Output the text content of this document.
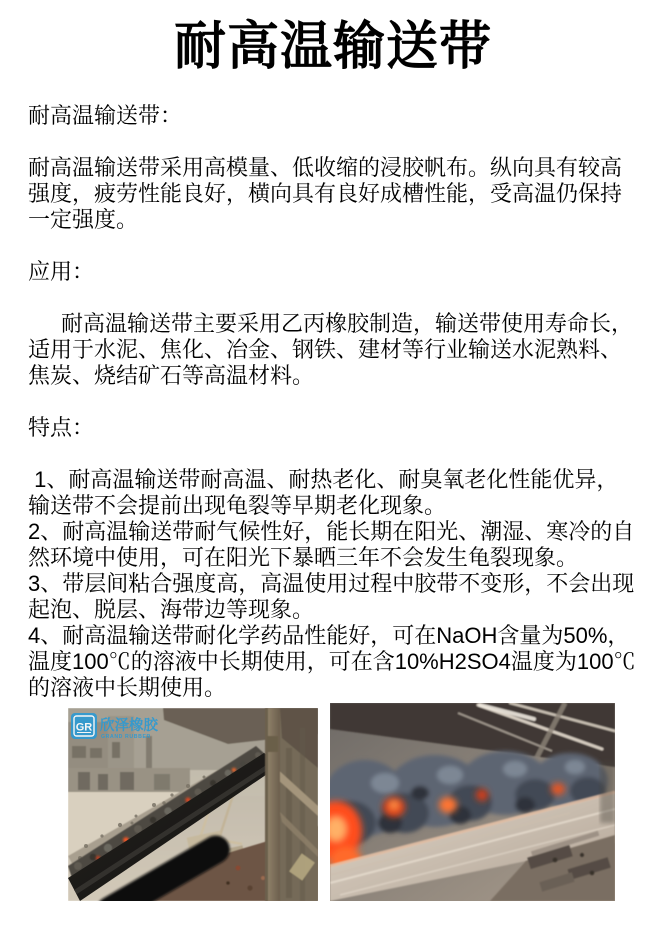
耐高温输送带

耐高温输送带：

耐高温输送带采用高模量、低收缩的浸胶帆布。纵向具有较高强度，疲劳性能良好，横向具有良好成槽性能，受高温仍保持一定强度。

应用：

耐高温输送带主要采用乙丙橡胶制造，输送带使用寿命长，适用于水泥、焦化、冶金、钢铁、建材等行业输送水泥熟料、焦炭、烧结矿石等高温材料。

特点：

1、耐高温输送带耐高温、耐热老化、耐臭氧老化性能优异，输送带不会提前出现龟裂等早期老化现象。

2、耐高温输送带耐气候性好，能长期在阳光、潮湿、寒冷的自然环境中使用，可在阳光下暴晒三年不会发生龟裂现象。

3、带层间粘合强度高，高温使用过程中胶带不变形，不会出现起泡、脱层、海带边等现象。

4、耐高温输送带耐化学药品性能好，可在NaOH含量为50%，温度100℃的溶液中长期使用，可在含10%H2SO4温度为100℃的溶液中长期使用。

GR 欣泽橡胶
GRAND RUBBER
